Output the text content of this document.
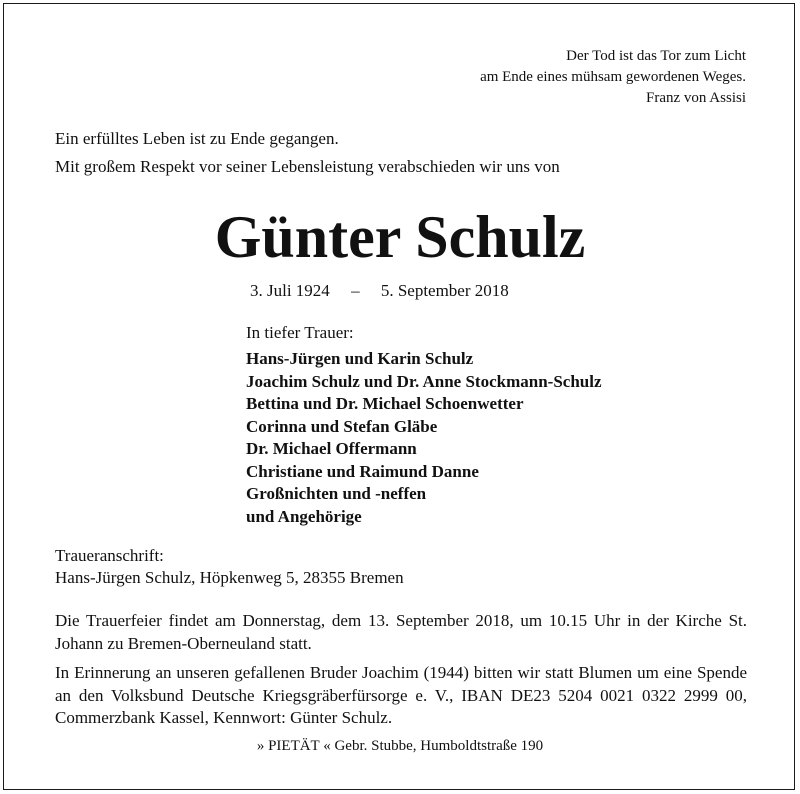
Der Tod ist das Tor zum Licht
am Ende eines mühsam gewordenen Weges.
Franz von Assisi
Ein erfülltes Leben ist zu Ende gegangen.
Mit großem Respekt vor seiner Lebensleistung verabschieden wir uns von
Günter Schulz
3. Juli 1924 – 5. September 2018
In tiefer Trauer:
Hans-Jürgen und Karin Schulz
Joachim Schulz und Dr. Anne Stockmann-Schulz
Bettina und Dr. Michael Schoenwetter
Corinna und Stefan Gläbe
Dr. Michael Offermann
Christiane und Raimund Danne
Großnichten und -neffen
und Angehörige
Traueranschrift:
Hans-Jürgen Schulz, Höpkenweg 5, 28355 Bremen
Die Trauerfeier findet am Donnerstag, dem 13. September 2018, um 10.15 Uhr in der Kirche St. Johann zu Bremen-Oberneuland statt.
In Erinnerung an unseren gefallenen Bruder Joachim (1944) bitten wir statt Blumen um eine Spende an den Volksbund Deutsche Kriegsgräberfürsorge e. V., IBAN DE23 5204 0021 0322 2999 00, Commerzbank Kassel, Kennwort: Günter Schulz.
» PIETÄT « Gebr. Stubbe, Humboldtstraße 190
